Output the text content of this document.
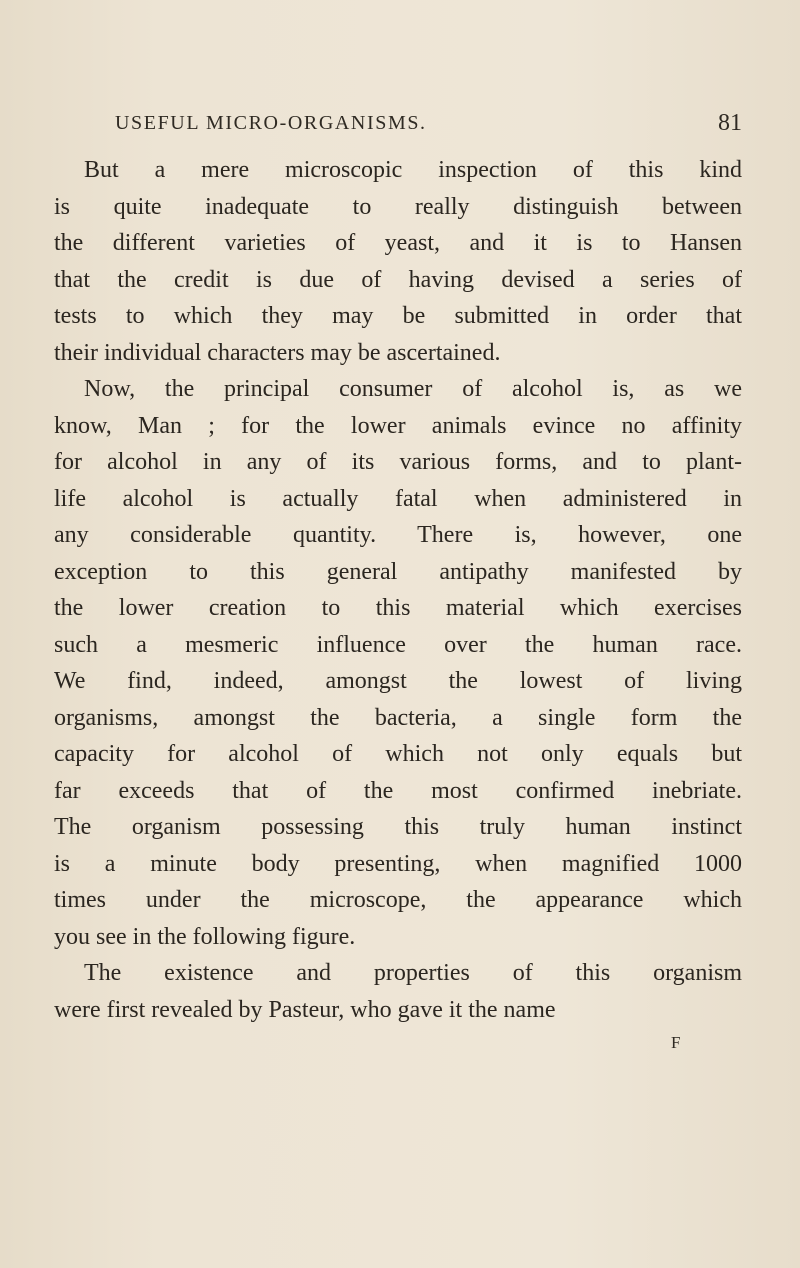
USEFUL MICRO-ORGANISMS.	81
But a mere microscopic inspection of this kind
is quite inadequate to really distinguish between
the different varieties of yeast, and it is to Hansen
that the credit is due of having devised a series of
tests to which they may be submitted in order that
their individual characters may be ascertained.
Now, the principal consumer of alcohol is, as we
know, Man ; for the lower animals evince no affinity
for alcohol in any of its various forms, and to plant-
life alcohol is actually fatal when administered in
any considerable quantity. There is, however, one
exception to this general antipathy manifested by
the lower creation to this material which exercises
such a mesmeric influence over the human race.
We find, indeed, amongst the lowest of living
organisms, amongst the bacteria, a single form the
capacity for alcohol of which not only equals but
far exceeds that of the most confirmed inebriate.
The organism possessing this truly human instinct
is a minute body presenting, when magnified 1000
times under the microscope, the appearance which
you see in the following figure.
The existence and properties of this organism
were first revealed by Pasteur, who gave it the name
F
